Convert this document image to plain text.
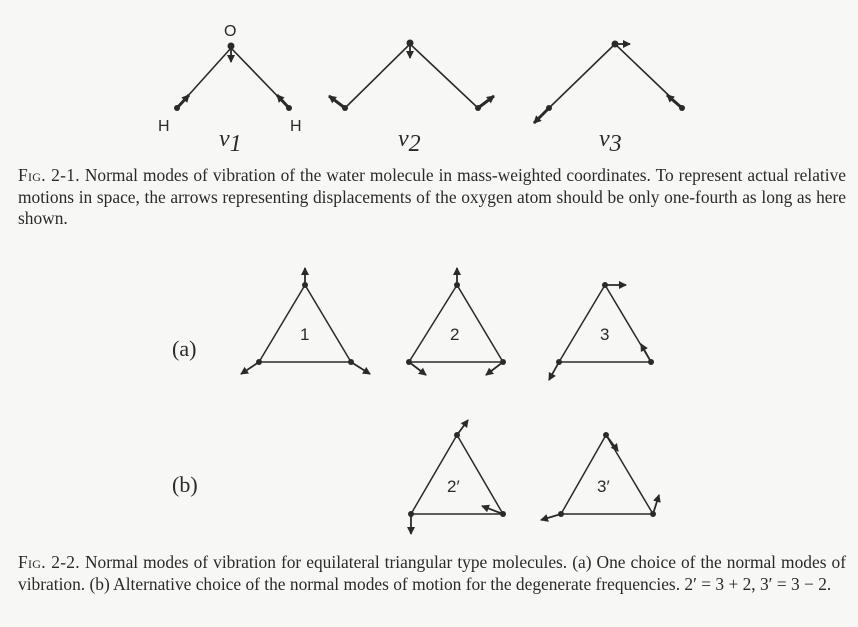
O
H	H
ν1	ν2	ν3
Fig. 2-1. Normal modes of vibration of the water molecule in mass-weighted coordinates. To represent actual relative motions in space, the arrows representing displacements of the oxygen atom should be only one-fourth as long as here shown.
(a)
1	2	3
(b)	2′	3′
Fig. 2-2. Normal modes of vibration for equilateral triangular type molecules. (a) One choice of the normal modes of vibration. (b) Alternative choice of the normal modes of motion for the degenerate frequencies. 2′ = 3 + 2, 3′ = 3 − 2.
